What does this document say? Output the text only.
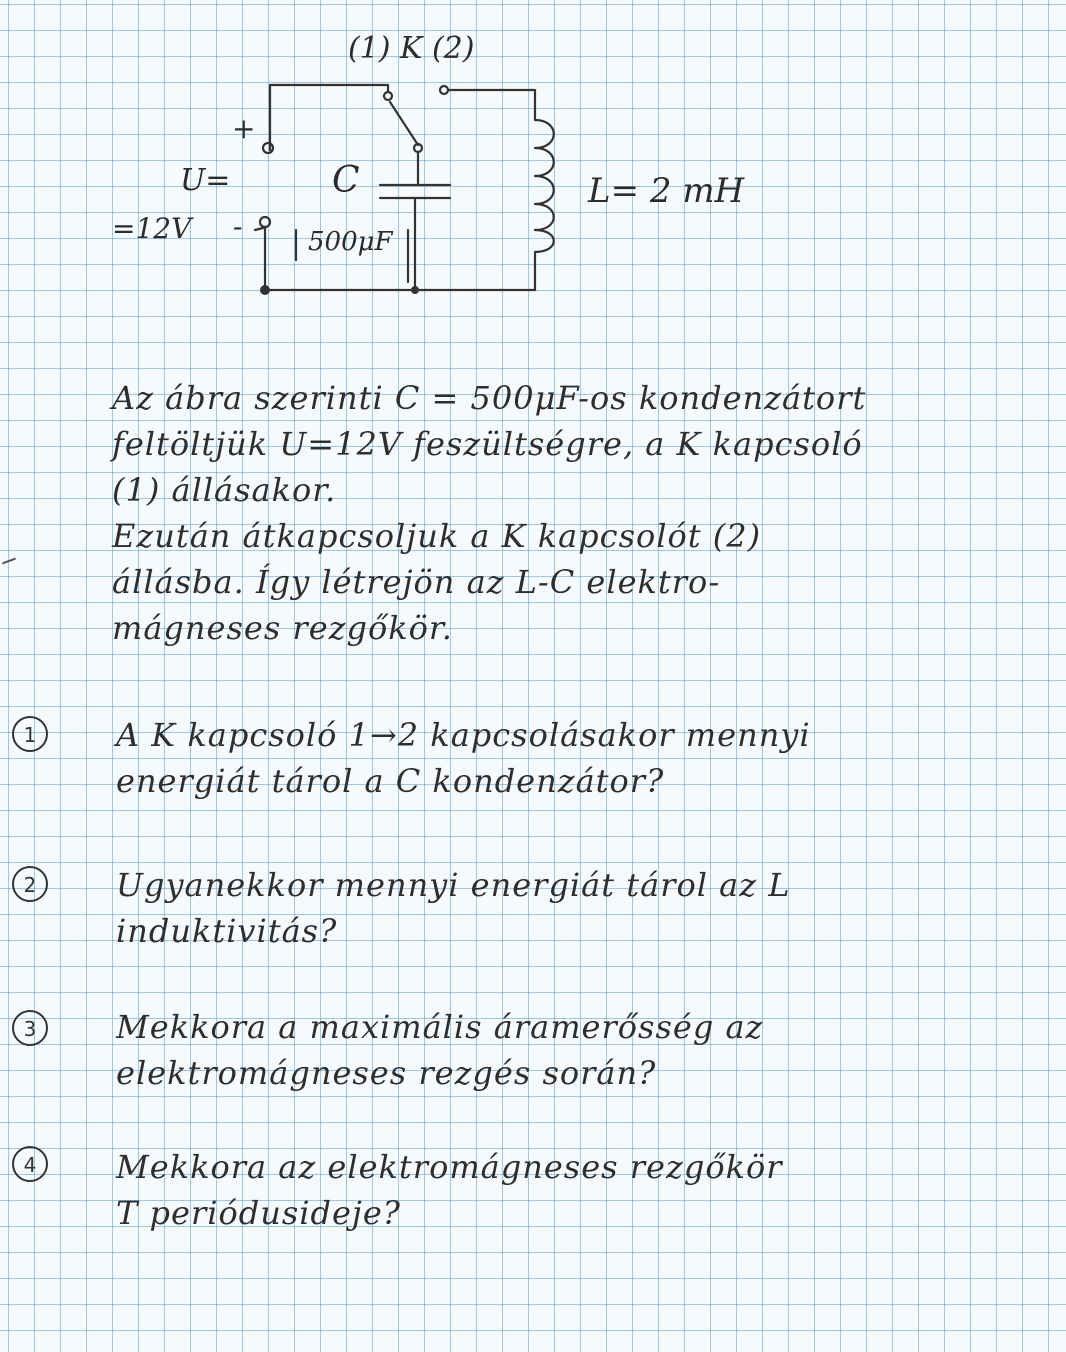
(1) K (2)
+
U=
=12V -
C
500μF
L= 2 mH
Az ábra szerinti C = 500μF-os kondenzátort
feltöltjük U=12V feszültségre, a K kapcsoló
(1) állásakor.
Ezután átkapcsoljuk a K kapcsolót (2)
állásba. Így létrejön az L-C elektro-
mágneses rezgőkör.
1	A K kapcsoló 1→2 kapcsolásakor mennyi
energiát tárol a C kondenzátor?
2	Ugyanekkor mennyi energiát tárol az L
induktivitás?
3	Mekkora a maximális áramerősség az
elektromágneses rezgés során?
4	Mekkora az elektromágneses rezgőkör
T periódusideje?
